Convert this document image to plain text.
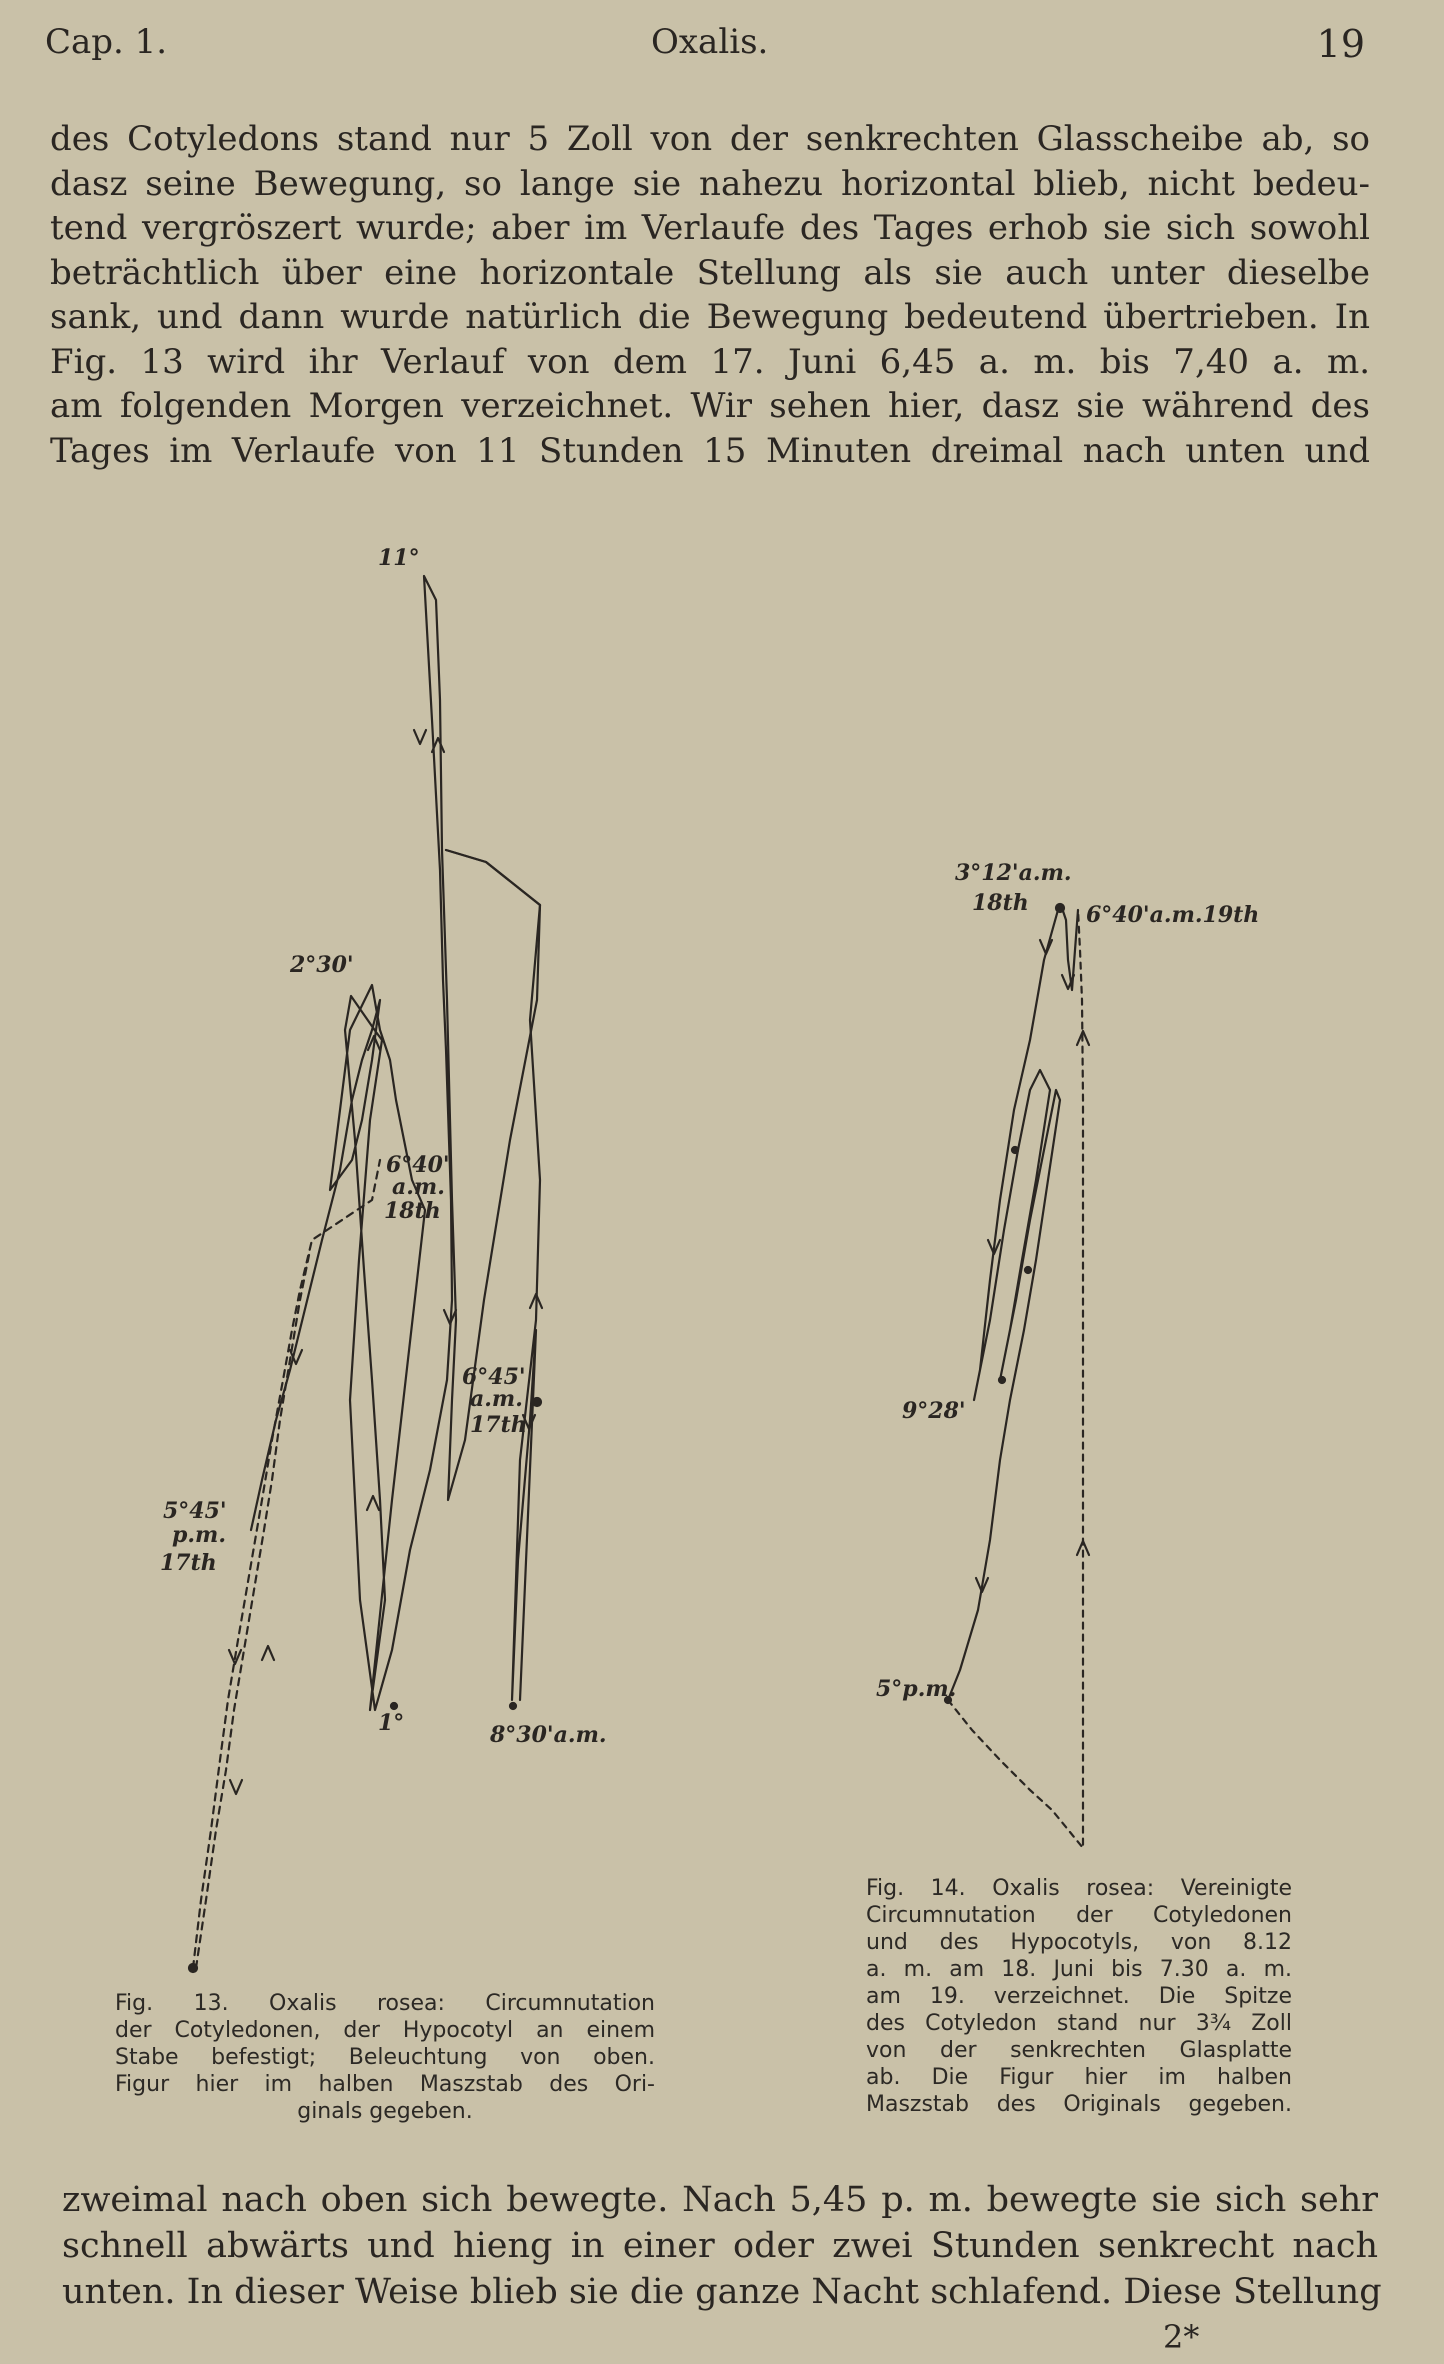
Cap. 1.	Oxalis.	19
des Cotyledons stand nur 5 Zoll von der senkrechten Glasscheibe ab, so
dasz seine Bewegung, so lange sie nahezu horizontal blieb, nicht bedeu-
tend vergröszert wurde; aber im Verlaufe des Tages erhob sie sich sowohl
beträchtlich über eine horizontale Stellung als sie auch unter dieselbe
sank, und dann wurde natürlich die Bewegung bedeutend übertrieben. In
Fig. 13 wird ihr Verlauf von dem 17. Juni 6,45 a. m. bis 7,40 a. m.
am folgenden Morgen verzeichnet. Wir sehen hier, dasz sie während des
Tages im Verlaufe von 11 Stunden 15 Minuten dreimal nach unten und
11°
2°30'
6°40'
a.m.
18th
6°45'
a.m.
17th
5°45'
p.m.
17th
1°	8°30'a.m.
3°12'a.m.
18th	6°40'a.m.19th
9°28'
5°p.m.
Fig. 13. Oxalis rosea: Circumnutation
der Cotyledonen, der Hypocotyl an einem
Stabe befestigt; Beleuchtung von oben.
Figur hier im halben Maszstab des Ori-
ginals gegeben.
Fig. 14. Oxalis rosea: Vereinigte
Circumnutation der Cotyledonen
und des Hypocotyls, von 8.12
a. m. am 18. Juni bis 7.30 a. m.
am 19. verzeichnet. Die Spitze
des Cotyledon stand nur 3¾ Zoll
von der senkrechten Glasplatte
ab. Die Figur hier im halben
Maszstab des Originals gegeben.
zweimal nach oben sich bewegte. Nach 5,45 p. m. bewegte sie sich sehr
schnell abwärts und hieng in einer oder zwei Stunden senkrecht nach
unten. In dieser Weise blieb sie die ganze Nacht schlafend. Diese Stellung
2*
